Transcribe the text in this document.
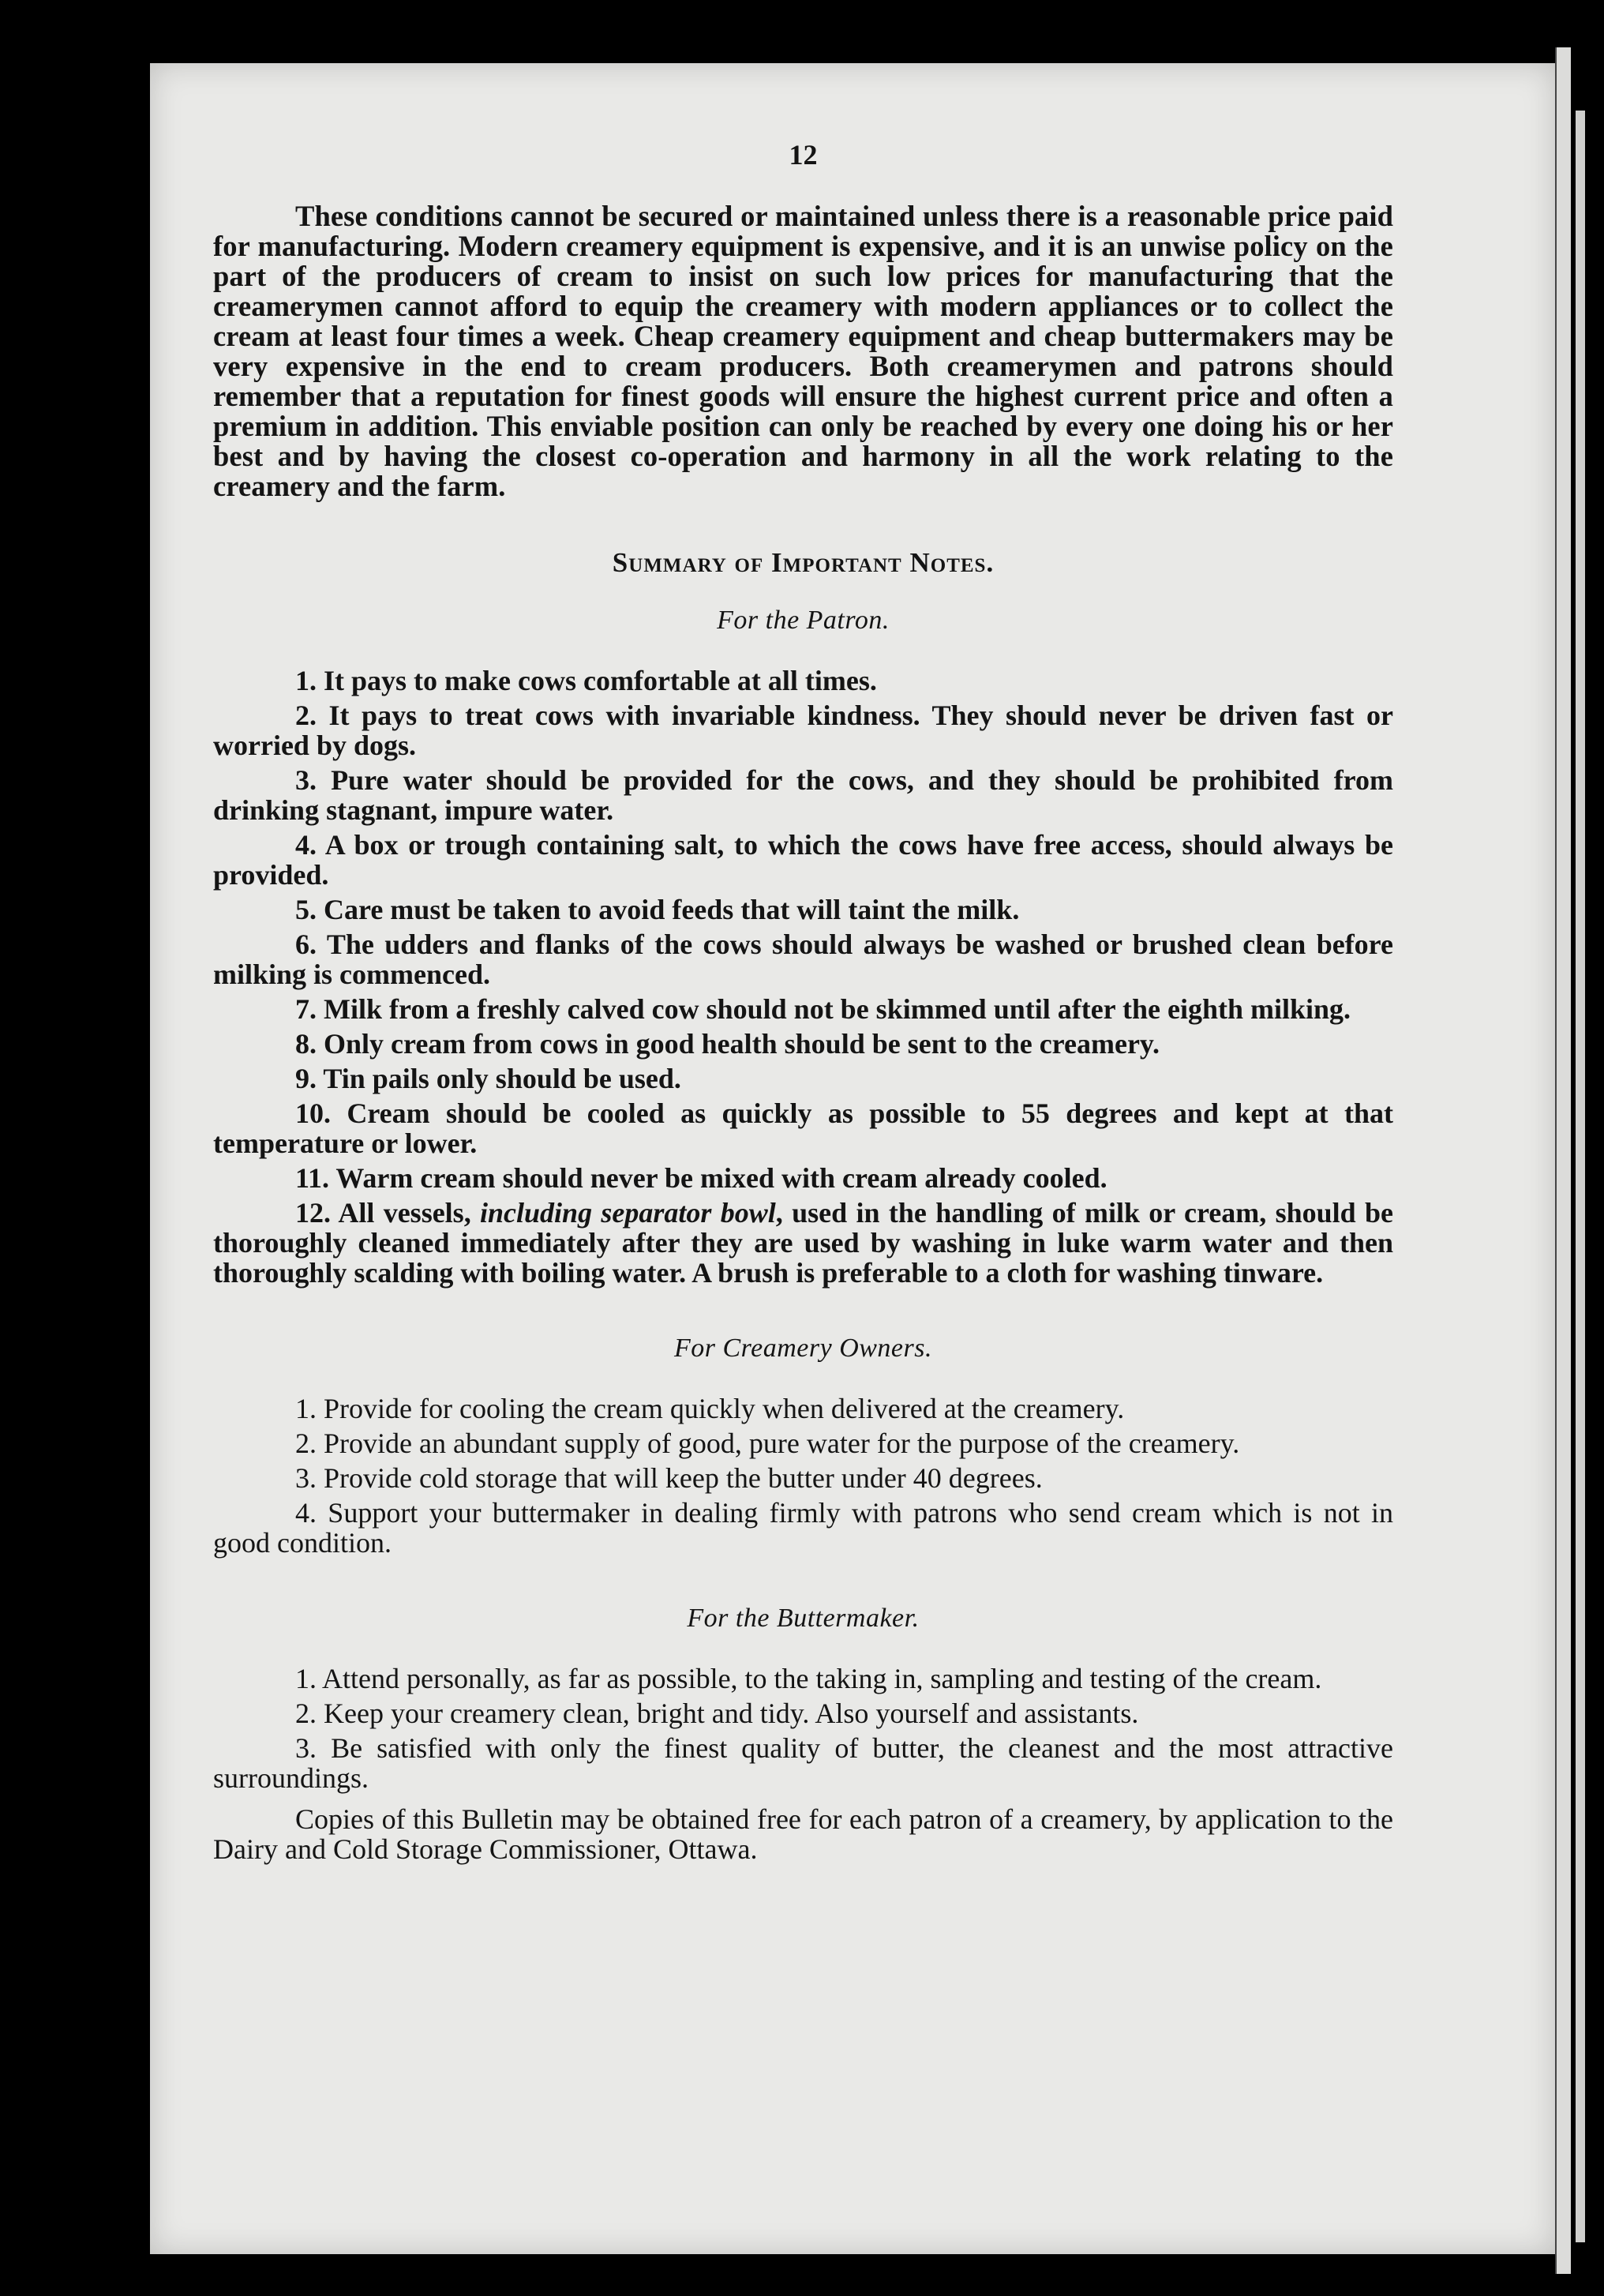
12

These conditions cannot be secured or maintained unless there is a reasonable price paid for manufacturing. Modern creamery equipment is expensive, and it is an unwise policy on the part of the producers of cream to insist on such low prices for manufacturing that the creamerymen cannot afford to equip the creamery with modern appliances or to collect the cream at least four times a week. Cheap creamery equipment and cheap buttermakers may be very expensive in the end to cream producers. Both creamerymen and patrons should remember that a reputation for finest goods will ensure the highest current price and often a premium in addition. This enviable position can only be reached by every one doing his or her best and by having the closest co-operation and harmony in all the work relating to the creamery and the farm.

Summary of Important Notes.
For the Patron.
1. It pays to make cows comfortable at all times.
2. It pays to treat cows with invariable kindness. They should never be driven fast or worried by dogs.
3. Pure water should be provided for the cows, and they should be prohibited from drinking stagnant, impure water.
4. A box or trough containing salt, to which the cows have free access, should always be provided.
5. Care must be taken to avoid feeds that will taint the milk.
6. The udders and flanks of the cows should always be washed or brushed clean before milking is commenced.
7. Milk from a freshly calved cow should not be skimmed until after the eighth milking.
8. Only cream from cows in good health should be sent to the creamery.
9. Tin pails only should be used.
10. Cream should be cooled as quickly as possible to 55 degrees and kept at that temperature or lower.
11. Warm cream should never be mixed with cream already cooled.
12. All vessels, including separator bowl, used in the handling of milk or cream, should be thoroughly cleaned immediately after they are used by washing in luke warm water and then thoroughly scalding with boiling water. A brush is preferable to a cloth for washing tinware.
For Creamery Owners.
1. Provide for cooling the cream quickly when delivered at the creamery.
2. Provide an abundant supply of good, pure water for the purpose of the creamery.
3. Provide cold storage that will keep the butter under 40 degrees.
4. Support your buttermaker in dealing firmly with patrons who send cream which is not in good condition.
For the Buttermaker.
1. Attend personally, as far as possible, to the taking in, sampling and testing of the cream.
2. Keep your creamery clean, bright and tidy. Also yourself and assistants.
3. Be satisfied with only the finest quality of butter, the cleanest and the most attractive surroundings.

Copies of this Bulletin may be obtained free for each patron of a creamery, by application to the Dairy and Cold Storage Commissioner, Ottawa.
